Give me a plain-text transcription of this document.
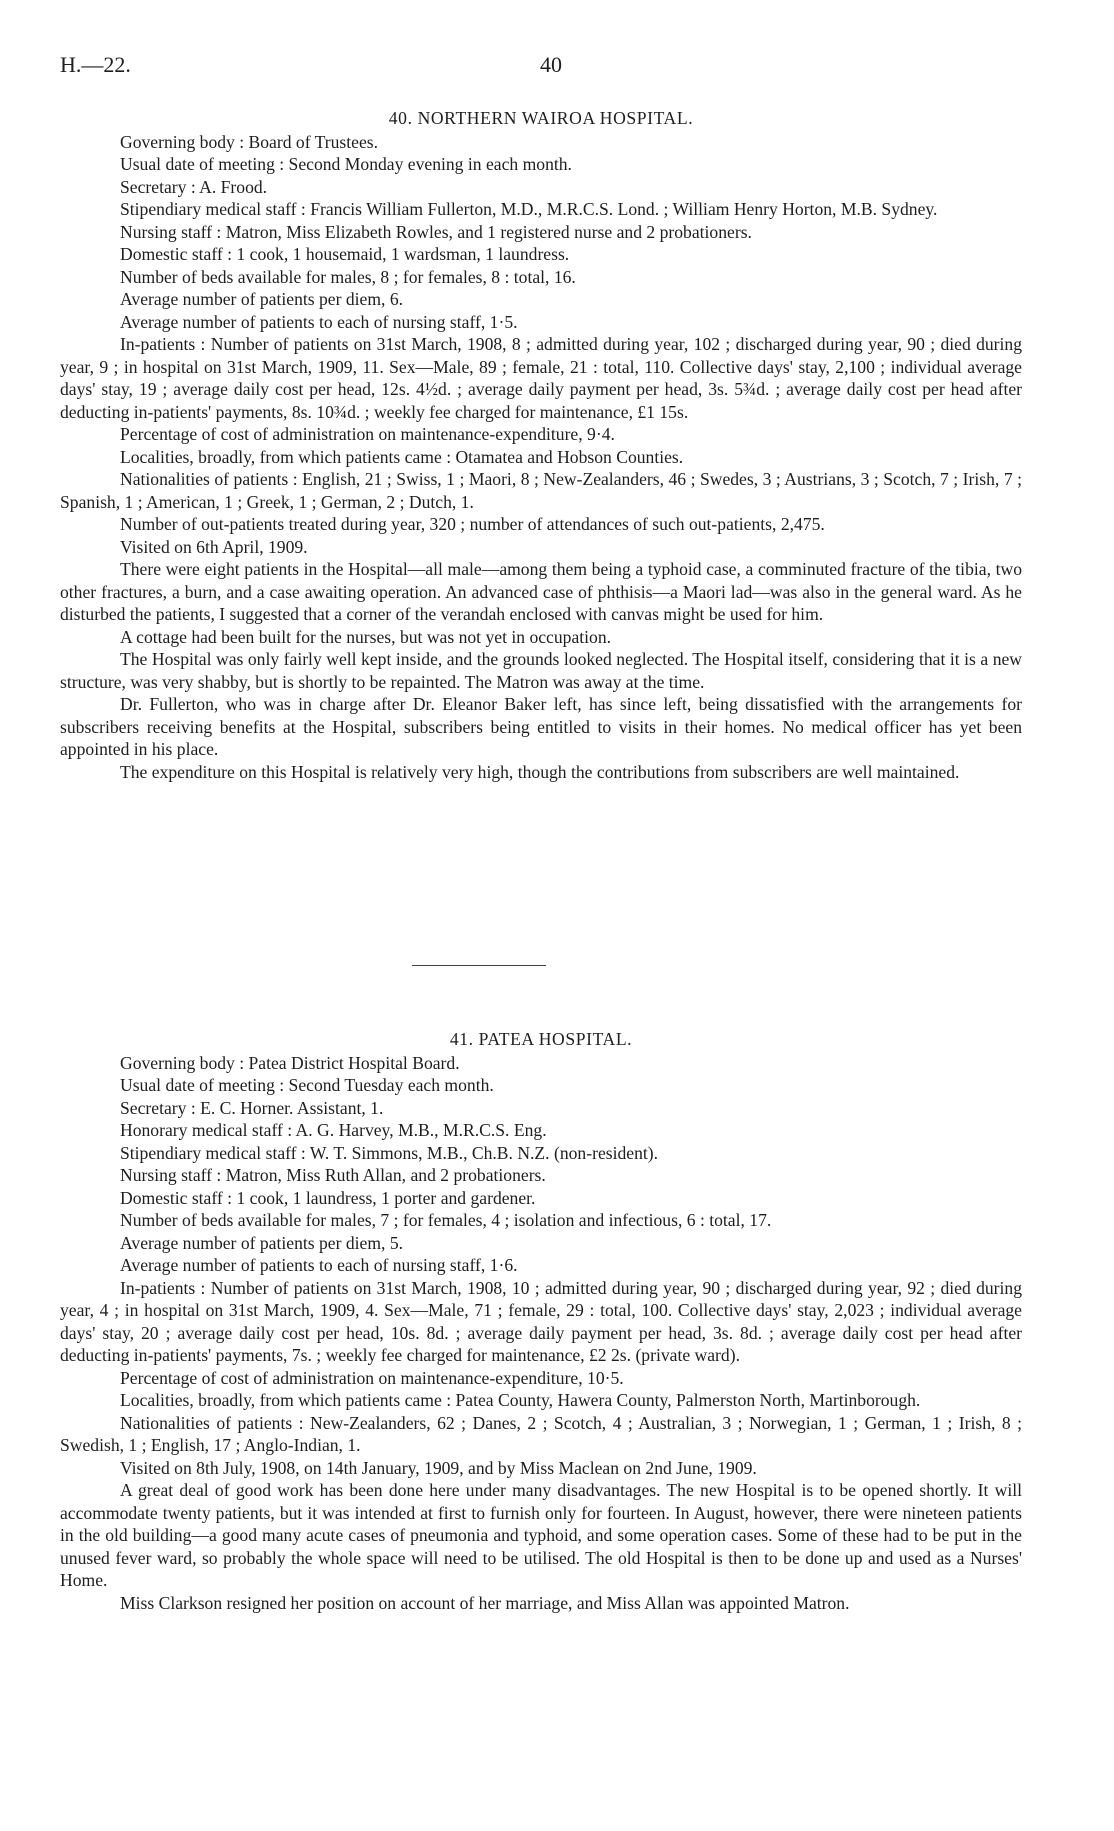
H.—22.	40
40. NORTHERN WAIROA HOSPITAL.

Governing body : Board of Trustees.

Usual date of meeting : Second Monday evening in each month.

Secretary : A. Frood.

Stipendiary medical staff : Francis William Fullerton, M.D., M.R.C.S. Lond. ; William Henry Horton, M.B. Sydney.

Nursing staff : Matron, Miss Elizabeth Rowles, and 1 registered nurse and 2 probationers.

Domestic staff : 1 cook, 1 housemaid, 1 wardsman, 1 laundress.

Number of beds available for males, 8 ; for females, 8 : total, 16.

Average number of patients per diem, 6.

Average number of patients to each of nursing staff, 1·5.

In-patients : Number of patients on 31st March, 1908, 8 ; admitted during year, 102 ; discharged during year, 90 ; died during year, 9 ; in hospital on 31st March, 1909, 11. Sex—Male, 89 ; female, 21 : total, 110. Collective days' stay, 2,100 ; individual average days' stay, 19 ; average daily cost per head, 12s. 4½d. ; average daily payment per head, 3s. 5¾d. ; average daily cost per head after deducting in-patients' payments, 8s. 10¾d. ; weekly fee charged for maintenance, £1 15s.

Percentage of cost of administration on maintenance-expenditure, 9·4.

Localities, broadly, from which patients came : Otamatea and Hobson Counties.

Nationalities of patients : English, 21 ; Swiss, 1 ; Maori, 8 ; New-Zealanders, 46 ; Swedes, 3 ; Austrians, 3 ; Scotch, 7 ; Irish, 7 ; Spanish, 1 ; American, 1 ; Greek, 1 ; German, 2 ; Dutch, 1.

Number of out-patients treated during year, 320 ; number of attendances of such out-patients, 2,475.

Visited on 6th April, 1909.

There were eight patients in the Hospital—all male—among them being a typhoid case, a comminuted fracture of the tibia, two other fractures, a burn, and a case awaiting operation. An advanced case of phthisis—a Maori lad—was also in the general ward. As he disturbed the patients, I suggested that a corner of the verandah enclosed with canvas might be used for him.

A cottage had been built for the nurses, but was not yet in occupation.

The Hospital was only fairly well kept inside, and the grounds looked neglected. The Hospital itself, considering that it is a new structure, was very shabby, but is shortly to be repainted. The Matron was away at the time.

Dr. Fullerton, who was in charge after Dr. Eleanor Baker left, has since left, being dissatisfied with the arrangements for subscribers receiving benefits at the Hospital, subscribers being entitled to visits in their homes. No medical officer has yet been appointed in his place.

The expenditure on this Hospital is relatively very high, though the contributions from subscribers are well maintained.

41. PATEA HOSPITAL.

Governing body : Patea District Hospital Board.

Usual date of meeting : Second Tuesday each month.

Secretary : E. C. Horner. Assistant, 1.

Honorary medical staff : A. G. Harvey, M.B., M.R.C.S. Eng.

Stipendiary medical staff : W. T. Simmons, M.B., Ch.B. N.Z. (non-resident).

Nursing staff : Matron, Miss Ruth Allan, and 2 probationers.

Domestic staff : 1 cook, 1 laundress, 1 porter and gardener.

Number of beds available for males, 7 ; for females, 4 ; isolation and infectious, 6 : total, 17.

Average number of patients per diem, 5.

Average number of patients to each of nursing staff, 1·6.

In-patients : Number of patients on 31st March, 1908, 10 ; admitted during year, 90 ; discharged during year, 92 ; died during year, 4 ; in hospital on 31st March, 1909, 4. Sex—Male, 71 ; female, 29 : total, 100. Collective days' stay, 2,023 ; individual average days' stay, 20 ; average daily cost per head, 10s. 8d. ; average daily payment per head, 3s. 8d. ; average daily cost per head after deducting in-patients' payments, 7s. ; weekly fee charged for maintenance, £2 2s. (private ward).

Percentage of cost of administration on maintenance-expenditure, 10·5.

Localities, broadly, from which patients came : Patea County, Hawera County, Palmerston North, Martinborough.

Nationalities of patients : New-Zealanders, 62 ; Danes, 2 ; Scotch, 4 ; Australian, 3 ; Norwegian, 1 ; German, 1 ; Irish, 8 ; Swedish, 1 ; English, 17 ; Anglo-Indian, 1.

Visited on 8th July, 1908, on 14th January, 1909, and by Miss Maclean on 2nd June, 1909.

A great deal of good work has been done here under many disadvantages. The new Hospital is to be opened shortly. It will accommodate twenty patients, but it was intended at first to furnish only for fourteen. In August, however, there were nineteen patients in the old building—a good many acute cases of pneumonia and typhoid, and some operation cases. Some of these had to be put in the unused fever ward, so probably the whole space will need to be utilised. The old Hospital is then to be done up and used as a Nurses' Home.

Miss Clarkson resigned her position on account of her marriage, and Miss Allan was appointed Matron.
